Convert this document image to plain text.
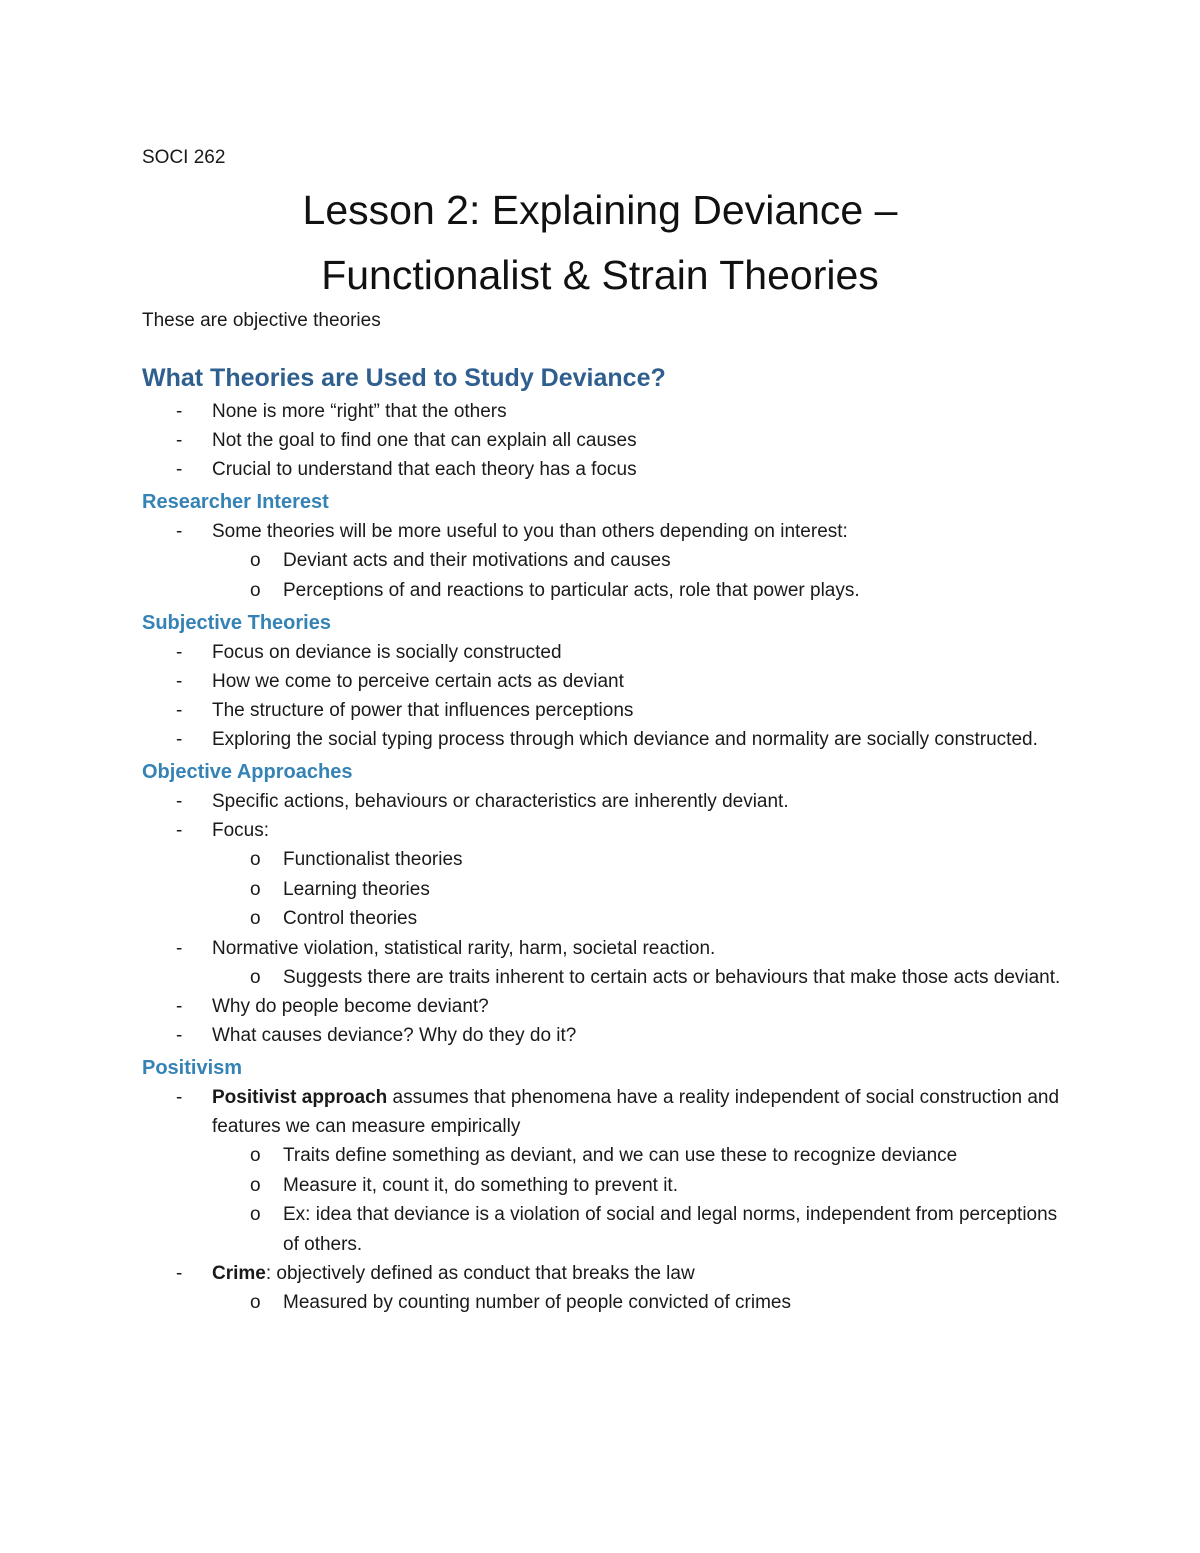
SOCI 262
Lesson 2: Explaining Deviance –
Functionalist & Strain Theories
These are objective theories
What Theories are Used to Study Deviance?
- None is more “right” that the others
- Not the goal to find one that can explain all causes
- Crucial to understand that each theory has a focus
Researcher Interest
- Some theories will be more useful to you than others depending on interest:
o Deviant acts and their motivations and causes
o Perceptions of and reactions to particular acts, role that power plays.
Subjective Theories
- Focus on deviance is socially constructed
- How we come to perceive certain acts as deviant
- The structure of power that influences perceptions
- Exploring the social typing process through which deviance and normality are socially constructed.
Objective Approaches
- Specific actions, behaviours or characteristics are inherently deviant.
- Focus:
o Functionalist theories
o Learning theories
o Control theories
- Normative violation, statistical rarity, harm, societal reaction.
o Suggests there are traits inherent to certain acts or behaviours that make those acts deviant.
- Why do people become deviant?
- What causes deviance? Why do they do it?
Positivism
- Positivist approach assumes that phenomena have a reality independent of social construction and features we can measure empirically
o Traits define something as deviant, and we can use these to recognize deviance
o Measure it, count it, do something to prevent it.
o Ex: idea that deviance is a violation of social and legal norms, independent from perceptions of others.
- Crime: objectively defined as conduct that breaks the law
o Measured by counting number of people convicted of crimes
